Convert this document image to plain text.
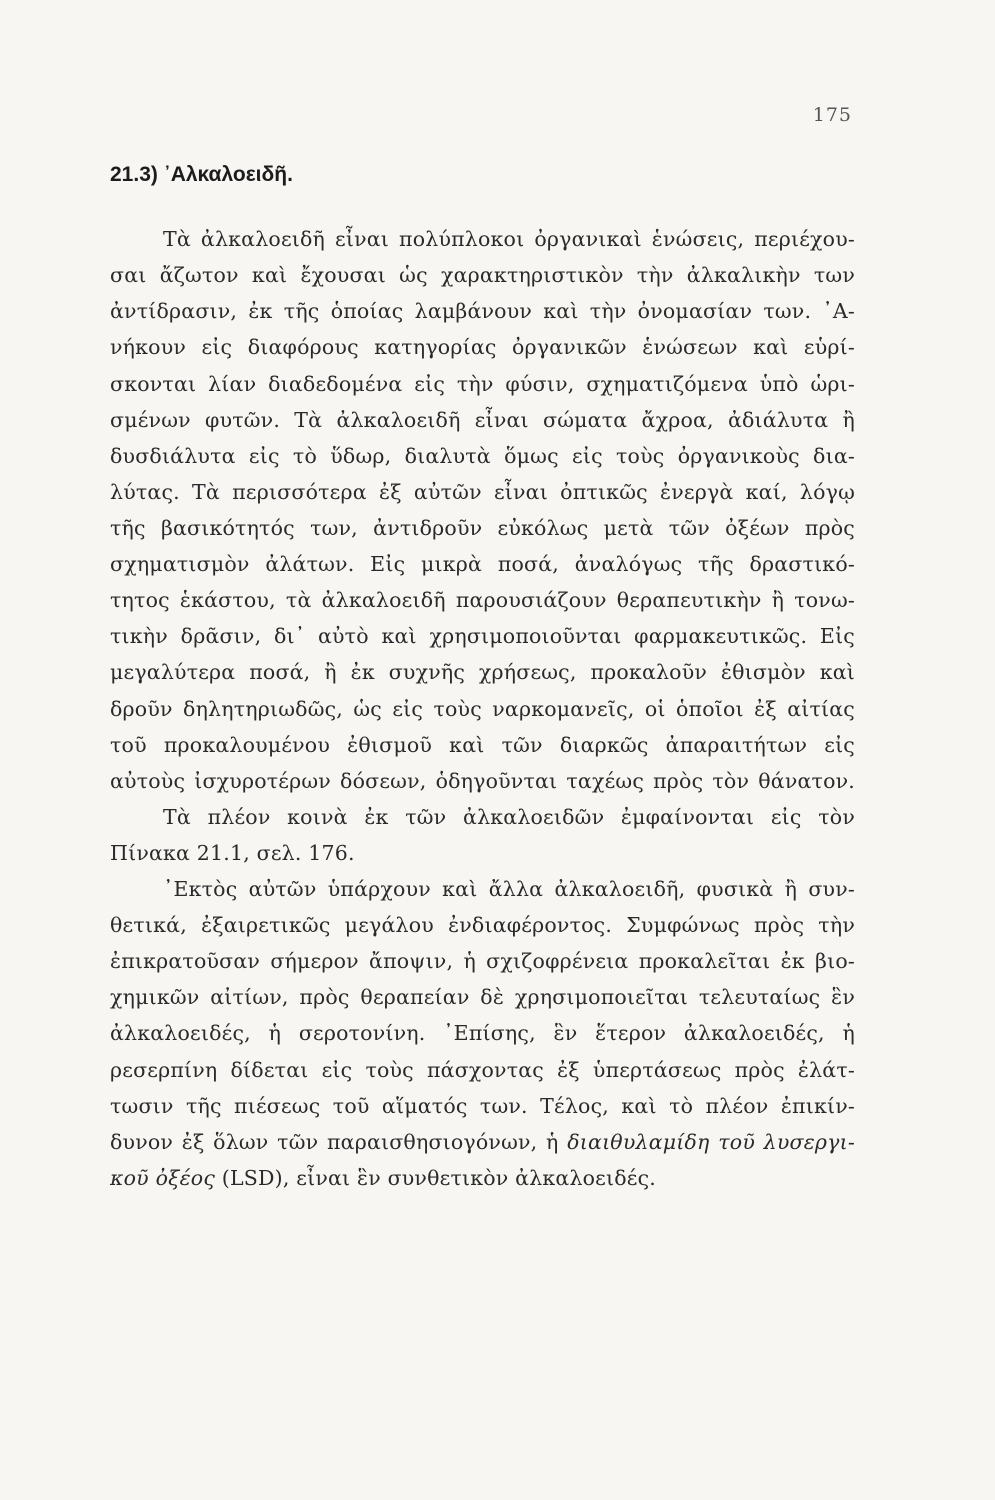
175
21.3) ᾽Αλκαλοειδῆ.
Τὰ ἀλκαλοειδῆ εἶναι πολύπλοκοι ὀργανικαὶ ἑνώσεις, περιέχου-
σαι ἄζωτον καὶ ἔχουσαι ὡς χαρακτηριστικὸν τὴν ἀλκαλικὴν των
ἀντίδρασιν, ἐκ τῆς ὁποίας λαμβάνουν καὶ τὴν ὀνομασίαν των. ᾽Α-
νήκουν εἰς διαφόρους κατηγορίας ὀργανικῶν ἑνώσεων καὶ εὑρί-
σκονται λίαν διαδεδομένα εἰς τὴν φύσιν, σχηματιζόμενα ὑπὸ ὡρι-
σμένων φυτῶν. Τὰ ἀλκαλοειδῆ εἶναι σώματα ἄχροα, ἀδιάλυτα ἢ
δυσδιάλυτα εἰς τὸ ὕδωρ, διαλυτὰ ὅμως εἰς τοὺς ὀργανικοὺς δια-
λύτας. Τὰ περισσότερα ἐξ αὐτῶν εἶναι ὀπτικῶς ἐνεργὰ καί, λόγῳ
τῆς βασικότητός των, ἀντιδροῦν εὐκόλως μετὰ τῶν ὀξέων πρὸς
σχηματισμὸν ἀλάτων. Εἰς μικρὰ ποσά, ἀναλόγως τῆς δραστικό-
τητος ἑκάστου, τὰ ἀλκαλοειδῆ παρουσιάζουν θεραπευτικὴν ἢ τονω-
τικὴν δρᾶσιν, δι᾽ αὐτὸ καὶ χρησιμοποιοῦνται φαρμακευτικῶς. Εἰς
μεγαλύτερα ποσά, ἢ ἐκ συχνῆς χρήσεως, προκαλοῦν ἐθισμὸν καὶ
δροῦν δηλητηριωδῶς, ὡς εἰς τοὺς ναρκομανεῖς, οἱ ὁποῖοι ἐξ αἰτίας
τοῦ προκαλουμένου ἐθισμοῦ καὶ τῶν διαρκῶς ἀπαραιτήτων εἰς
αὐτοὺς ἰσχυροτέρων δόσεων, ὁδηγοῦνται ταχέως πρὸς τὸν θάνατον.
Τὰ πλέον κοινὰ ἐκ τῶν ἀλκαλοειδῶν ἐμφαίνονται εἰς τὸν
Πίνακα 21.1, σελ. 176.
᾽Εκτὸς αὐτῶν ὑπάρχουν καὶ ἄλλα ἀλκαλοειδῆ, φυσικὰ ἢ συν-
θετικά, ἐξαιρετικῶς μεγάλου ἐνδιαφέροντος. Συμφώνως πρὸς τὴν
ἐπικρατοῦσαν σήμερον ἄποψιν, ἡ σχιζοφρένεια προκαλεῖται ἐκ βιο-
χημικῶν αἰτίων, πρὸς θεραπείαν δὲ χρησιμοποιεῖται τελευταίως ἓν
ἀλκαλοειδές, ἡ σεροτονίνη. ᾽Επίσης, ἓν ἕτερον ἀλκαλοειδές, ἡ
ρεσερπίνη δίδεται εἰς τοὺς πάσχοντας ἐξ ὑπερτάσεως πρὸς ἐλάτ-
τωσιν τῆς πιέσεως τοῦ αἵματός των. Τέλος, καὶ τὸ πλέον ἐπικίν-
δυνον ἐξ ὅλων τῶν παραισθησιογόνων, ἡ διαιθυλαμίδη τοῦ λυσεργι-
κοῦ ὀξέος (LSD), εἶναι ἓν συνθετικὸν ἀλκαλοειδές.
